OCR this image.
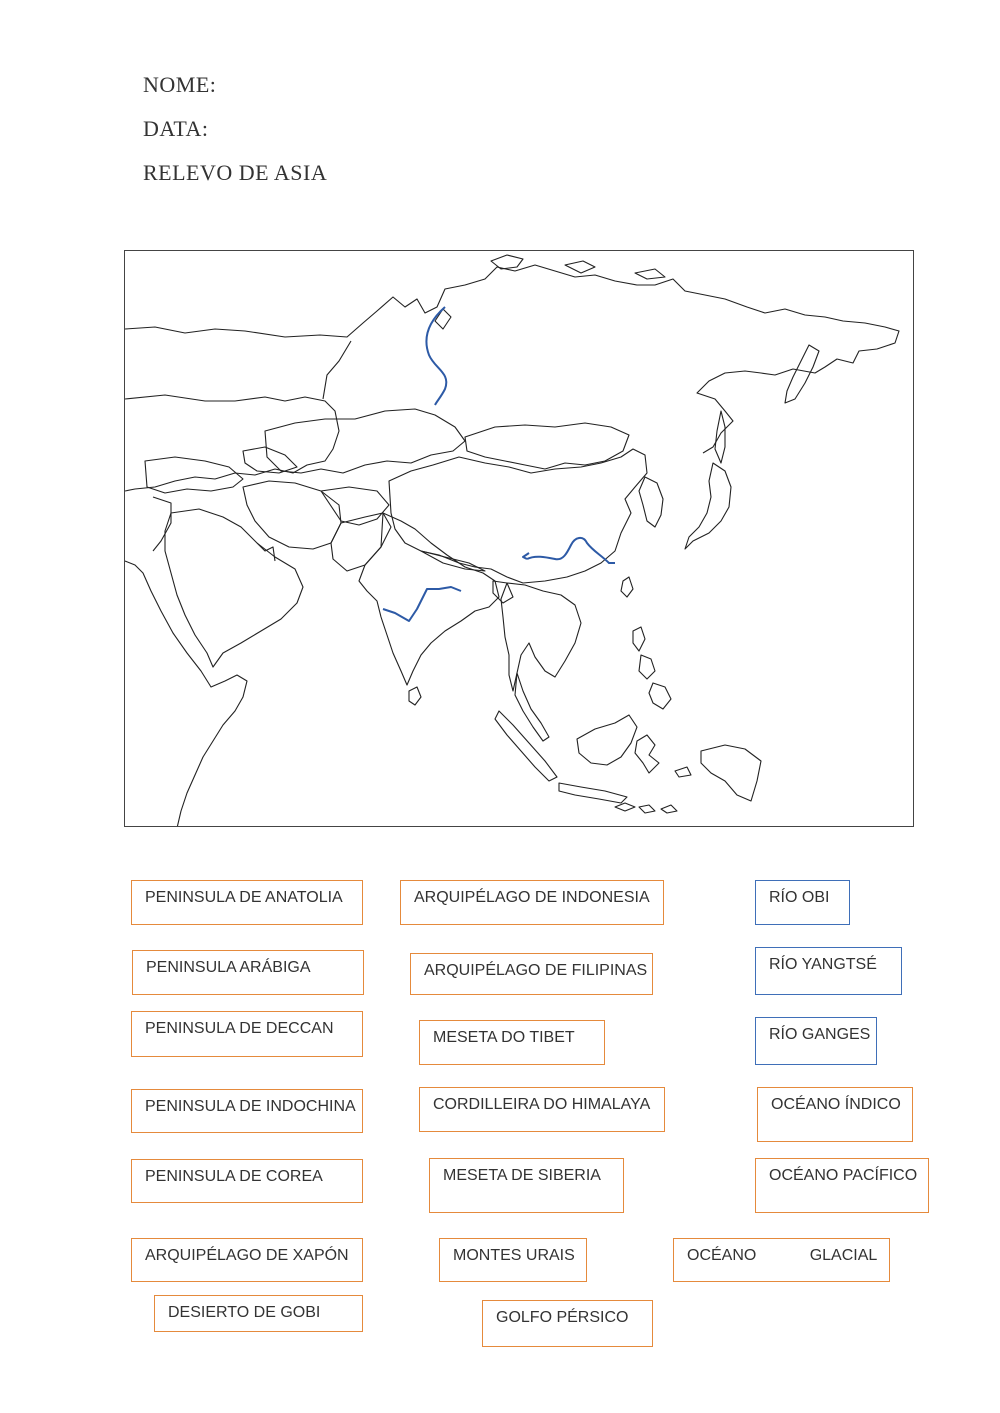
NOME:
DATA:
RELEVO DE ASIA
PENINSULA DE ANATOLIA	ARQUIPÉLAGO DE INDONESIA	RÍO OBI
PENINSULA ARÁBIGA	ARQUIPÉLAGO DE FILIPINAS	RÍO YANGTSÉ
PENINSULA DE DECCAN
MESETA DO TIBET	RÍO GANGES
PENINSULA DE INDOCHINA	CORDILLEIRA DO HIMALAYA	OCÉANO ÍNDICO
PENINSULA DE COREA	MESETA DE SIBERIA	OCÉANO PACÍFICO
ARQUIPÉLAGO DE XAPÓN	MONTES URAIS	OCÉANO            GLACIAL
DESIERTO DE GOBI	GOLFO PÉRSICO
